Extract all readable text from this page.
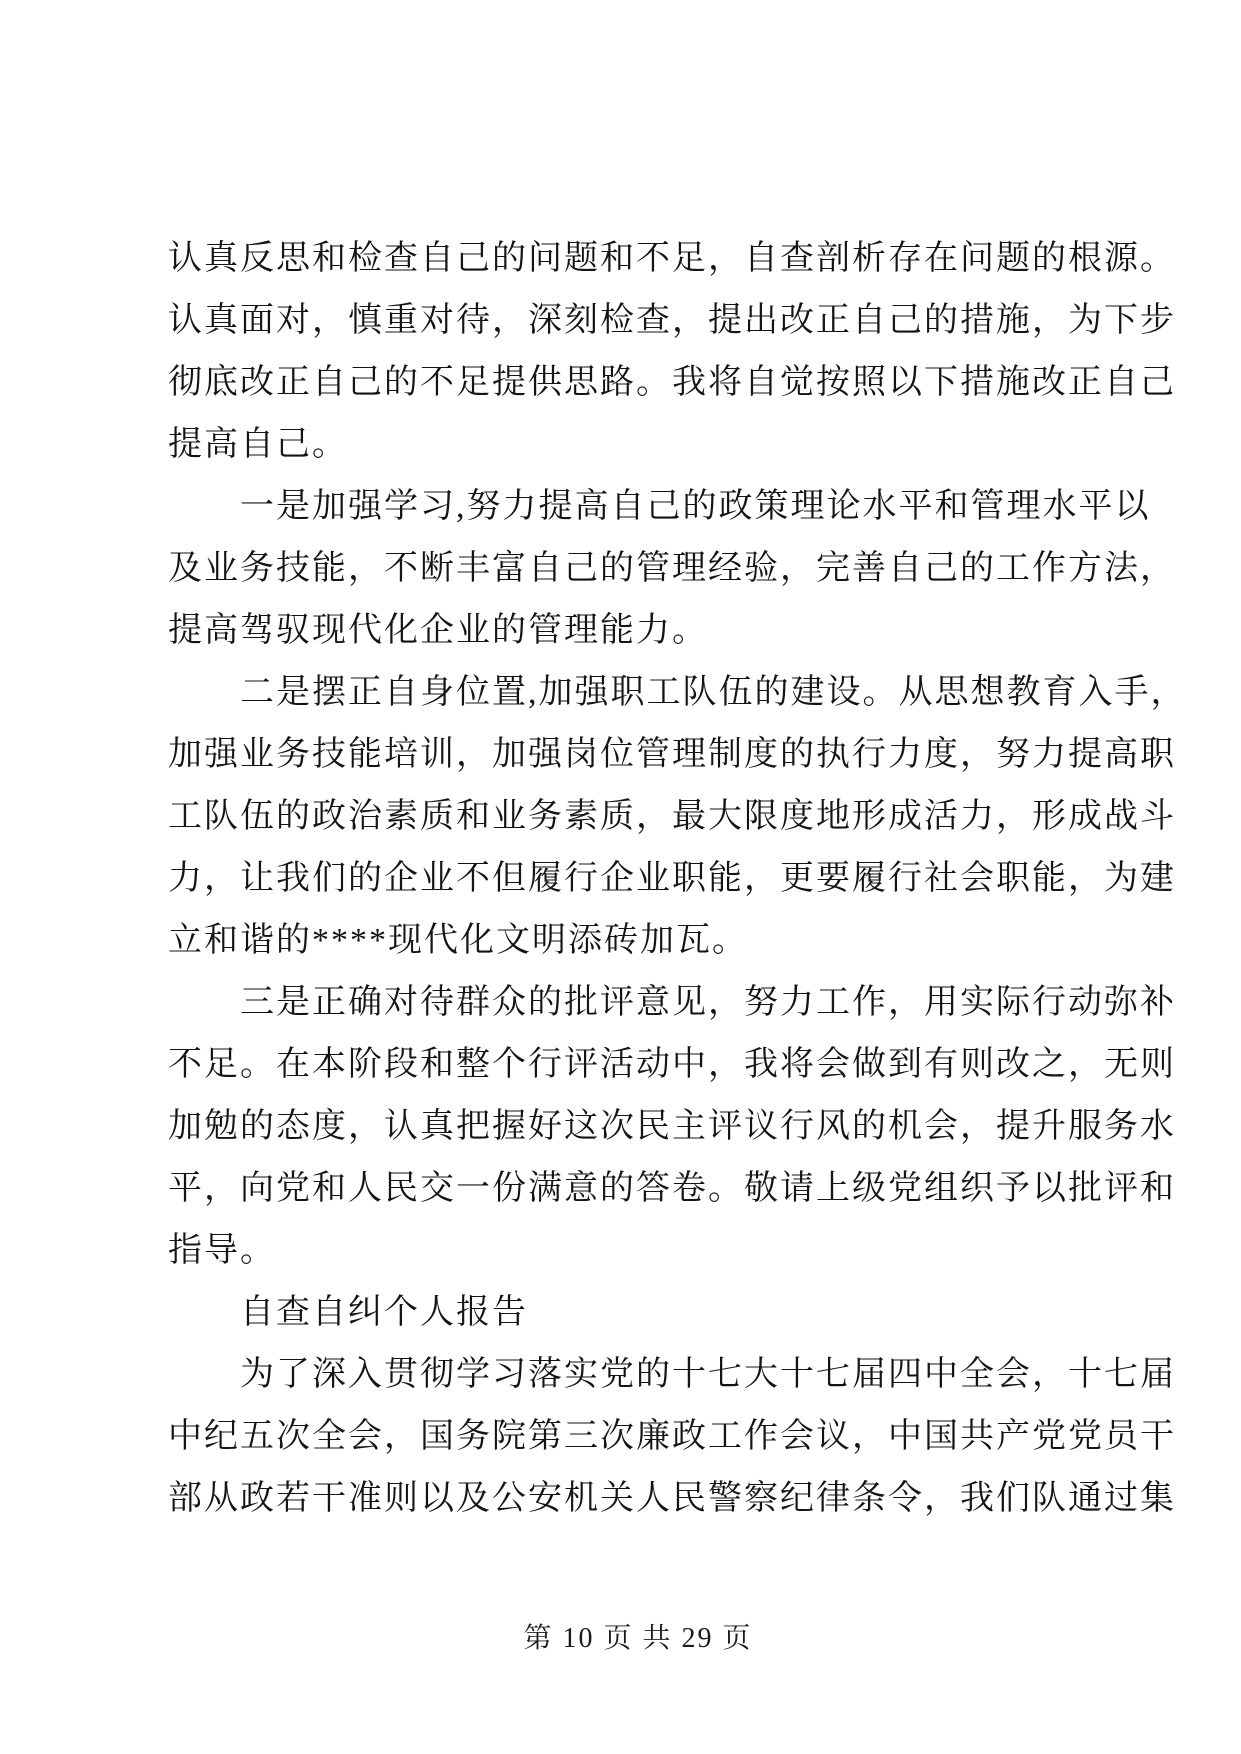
认真反思和检查自己的问题和不足，自查剖析存在问题的根源。
认真面对，慎重对待，深刻检查，提出改正自己的措施，为下步
彻底改正自己的不足提供思路。我将自觉按照以下措施改正自己
提高自己。
一是加强学习,努力提高自己的政策理论水平和管理水平以
及业务技能，不断丰富自己的管理经验，完善自己的工作方法，
提高驾驭现代化企业的管理能力。
二是摆正自身位置,加强职工队伍的建设。从思想教育入手，
加强业务技能培训，加强岗位管理制度的执行力度，努力提高职
工队伍的政治素质和业务素质，最大限度地形成活力，形成战斗
力，让我们的企业不但履行企业职能，更要履行社会职能，为建
立和谐的****现代化文明添砖加瓦。
三是正确对待群众的批评意见，努力工作，用实际行动弥补
不足。在本阶段和整个行评活动中，我将会做到有则改之，无则
加勉的态度，认真把握好这次民主评议行风的机会，提升服务水
平，向党和人民交一份满意的答卷。敬请上级党组织予以批评和
指导。
自查自纠个人报告
为了深入贯彻学习落实党的十七大十七届四中全会，十七届
中纪五次全会，国务院第三次廉政工作会议，中国共产党党员干
部从政若干准则以及公安机关人民警察纪律条令，我们队通过集
第 10 页 共 29 页
